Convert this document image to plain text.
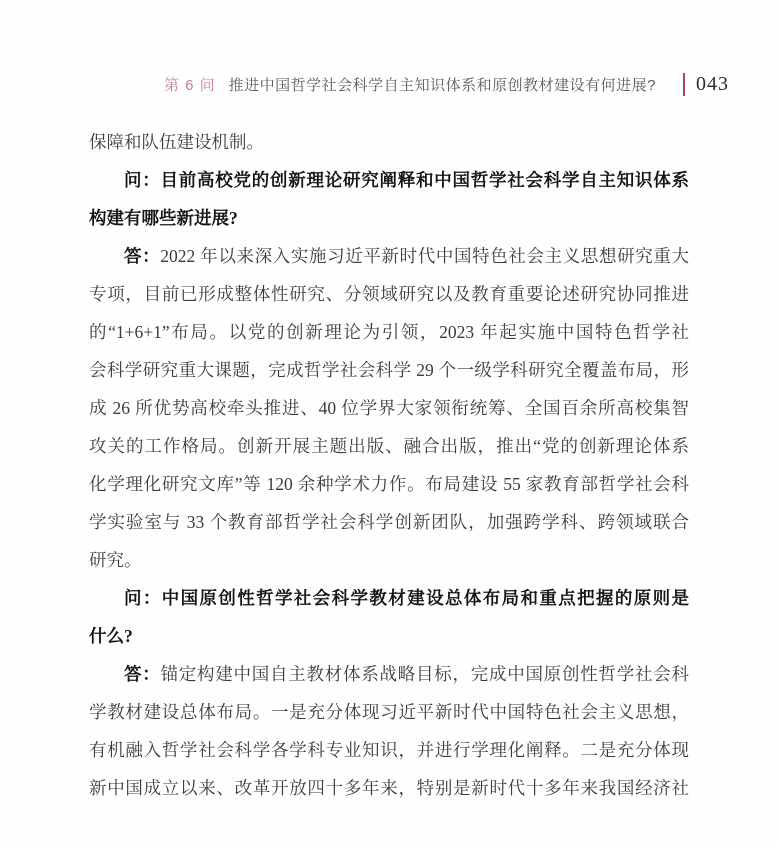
第 6 问 推进中国哲学社会科学自主知识体系和原创教材建设有何进展? 043
保障和队伍建设机制。
问：目前高校党的创新理论研究阐释和中国哲学社会科学自主知识体系
构建有哪些新进展?
答：2022 年以来深入实施习近平新时代中国特色社会主义思想研究重大
专项，目前已形成整体性研究、分领域研究以及教育重要论述研究协同推进
的“1+6+1”布局。以党的创新理论为引领，2023 年起实施中国特色哲学社
会科学研究重大课题，完成哲学社会科学 29 个一级学科研究全覆盖布局，形
成 26 所优势高校牵头推进、40 位学界大家领衔统筹、全国百余所高校集智
攻关的工作格局。创新开展主题出版、融合出版，推出“党的创新理论体系
化学理化研究文库”等 120 余种学术力作。布局建设 55 家教育部哲学社会科
学实验室与 33 个教育部哲学社会科学创新团队，加强跨学科、跨领域联合
研究。
问：中国原创性哲学社会科学教材建设总体布局和重点把握的原则是
什么?
答：锚定构建中国自主教材体系战略目标，完成中国原创性哲学社会科
学教材建设总体布局。一是充分体现习近平新时代中国特色社会主义思想，
有机融入哲学社会科学各学科专业知识，并进行学理化阐释。二是充分体现
新中国成立以来、改革开放四十多年来，特别是新时代十多年来我国经济社
